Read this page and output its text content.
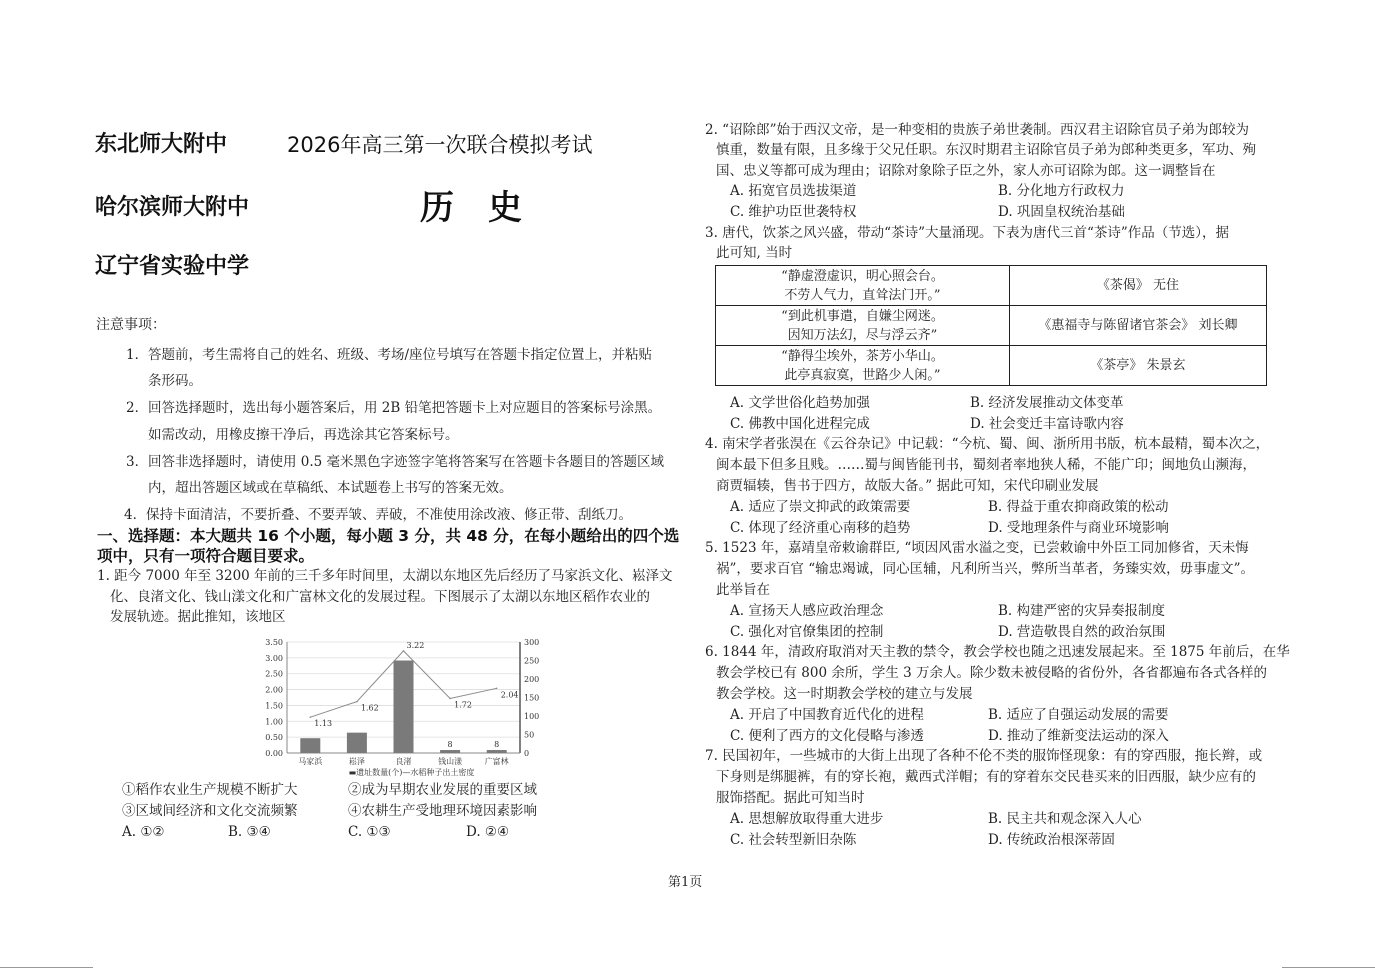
东北师大附中	2026年高三第一次联合模拟考试
哈尔滨师大附中	历史
辽宁省实验中学
注意事项：
1． 答题前，考生需将自己的姓名、班级、考场/座位号填写在答题卡指定位置上，并粘贴
条形码。
2． 回答选择题时，选出每小题答案后，用 2B 铅笔把答题卡上对应题目的答案标号涂黑。
如需改动，用橡皮擦干净后，再选涂其它答案标号。
3． 回答非选择题时，请使用 0.5 毫米黑色字迹签字笔将答案写在答题卡各题目的答题区域
内，超出答题区域或在草稿纸、本试题卷上书写的答案无效。
4． 保持卡面清洁，不要折叠、不要弄皱、弄破，不准使用涂改液、修正带、刮纸刀。
一、选择题：本大题共 16 个小题，每小题 3 分，共 48 分，在每小题给出的四个选
项中，只有一项符合题目要求。
1. 距今 7000 年至 3200 年前的三千多年时间里，太湖以东地区先后经历了马家浜文化、崧泽文
化、良渚文化、钱山漾文化和广富林文化的发展过程。下图展示了太湖以东地区稻作农业的
发展轨迹。据此推知，该地区
0.00
0.50
1.00
1.50
2.00
2.50
3.00
3.50
0
50
100
150
200
250
300
马家浜	崧泽	良渚
8
钱山漾
8
广富林
1.13
1.62
3.22
1.72
2.04
▬遗址数量(个)—水稻种子出土密度
①稻作农业生产规模不断扩大	②成为早期农业发展的重要区域
③区域间经济和文化交流频繁	④农耕生产受地理环境因素影响
A. ①②	B. ③④	C. ①③	D. ②④
2. “诏除郎”始于西汉文帝，是一种变相的贵族子弟世袭制。西汉君主诏除官员子弟为郎较为
慎重，数量有限，且多缘于父兄任职。东汉时期君主诏除官员子弟为郎种类更多，军功、殉
国、忠义等都可成为理由；诏除对象除子臣之外，家人亦可诏除为郎。这一调整旨在
A. 拓宽官员选拔渠道	B. 分化地方行政权力
C. 维护功臣世袭特权	D. 巩固皇权统治基础
3. 唐代，饮茶之风兴盛，带动“茶诗”大量涌现。下表为唐代三首“茶诗”作品（节选），据
此可知, 当时
“静虚澄虚识，明心照会台。
不劳人气力，直耸法门开。”	《茶偈》 无住

“到此机事遣，自嫌尘网迷。
因知万法幻，尽与浮云齐”	《惠福寺与陈留诸官茶会》 刘长卿

“静得尘埃外，茶芳小华山。
此亭真寂寞，世路少人闲。”	《茶亭》 朱景玄
A. 文学世俗化趋势加强	B. 经济发展推动文体变革
C. 佛教中国化进程完成	D. 社会变迁丰富诗歌内容
4. 南宋学者张淏在《云谷杂记》中记载：“今杭、蜀、闽、浙所用书版，杭本最精，蜀本次之，
闽本最下但多且贱。……蜀与闽皆能刊书，蜀刻者率地狭人稀，不能广印；闽地负山濒海，
商贾辐辏，售书于四方，故版大备。” 据此可知，宋代印刷业发展
A. 适应了崇文抑武的政策需要	B. 得益于重农抑商政策的松动
C. 体现了经济重心南移的趋势	D. 受地理条件与商业环境影响
5. 1523 年，嘉靖皇帝敕谕群臣, “顷因风雷水溢之变，已尝敕谕中外臣工同加修省，天未悔
祸”，要求百官 “输忠竭诚，同心匡辅，凡利所当兴，弊所当革者，务臻实效，毋事虚文”。
此举旨在
A. 宣扬天人感应政治理念	B. 构建严密的灾异奏报制度
C. 强化对官僚集团的控制	D. 营造敬畏自然的政治氛围
6. 1844 年，清政府取消对天主教的禁令，教会学校也随之迅速发展起来。至 1875 年前后，在华
教会学校已有 800 余所，学生 3 万余人。除少数未被侵略的省份外，各省都遍布各式各样的
教会学校。这一时期教会学校的建立与发展
A. 开启了中国教育近代化的进程	B. 适应了自强运动发展的需要
C. 便利了西方的文化侵略与渗透	D. 推动了维新变法运动的深入
7. 民国初年，一些城市的大街上出现了各种不伦不类的服饰怪现象：有的穿西服，拖长辫，或
下身则是绑腿裤，有的穿长袍，戴西式洋帽；有的穿着东交民巷买来的旧西服，缺少应有的
服饰搭配。据此可知当时
A. 思想解放取得重大进步	B. 民主共和观念深入人心
C. 社会转型新旧杂陈	D. 传统政治根深蒂固
第1页
